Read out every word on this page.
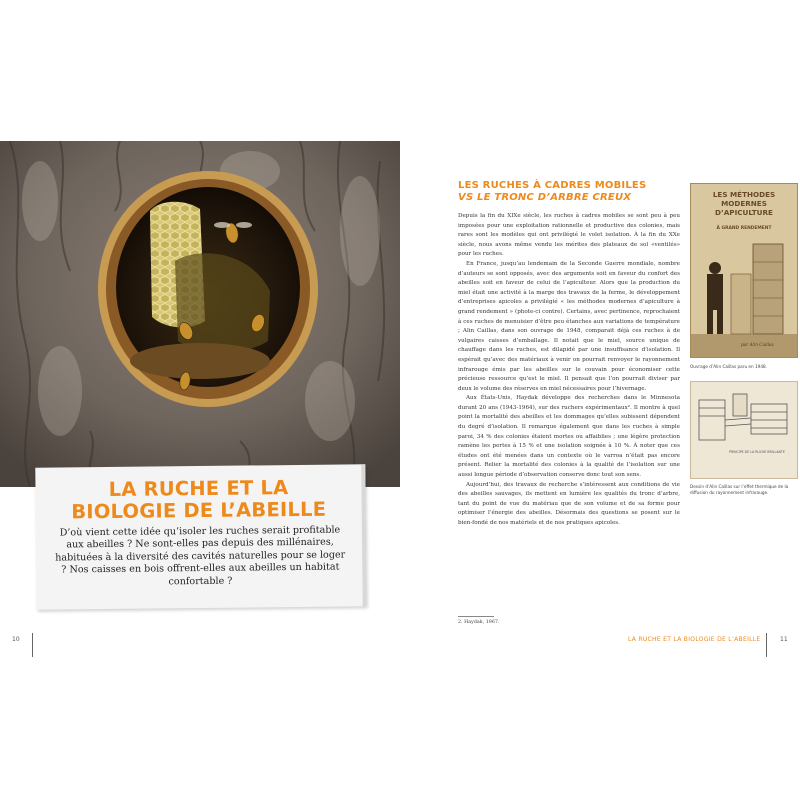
LA RUCHE ET LA
BIOLOGIE DE L’ABEILLE
D’où vient cette idée qu’isoler les ruches serait profitable aux abeilles ? Ne sont-elles pas depuis des millénaires, habituées à la diversité des cavités naturelles pour se loger ? Nos caisses en bois offrent-elles aux abeilles un habitat confortable ?
10
LES RUCHES À CADRES MOBILES
VS LE TRONC D’ARBRE CREUX

Depuis la fin du XIXe siècle, les ruches à cadres mobiles se sont peu à peu imposées pour une exploitation rationnelle et productive des colonies, mais rares sont les modèles qui ont privilégié le volet isolation. À la fin du XXe siècle, nous avons même vendu les mérites des plateaux de sol «ventilés» pour les ruches.

En France, jusqu’au lendemain de la Seconde Guerre mondiale, nombre d’auteurs se sont opposés, avec des arguments soit en faveur du confort des abeilles soit en faveur de celui de l’apiculteur. Alors que la production du miel était une activité à la marge des travaux de la ferme, le développement d’entreprises apicoles a privilégié « les méthodes modernes d’apiculture à grand rendement » (phote-ci contre). Certains, avec pertinence, reprochaient à ces ruches de menuisier d’être peu étanches aux variations de température ; Alin Caillas, dans son ouvrage de 1948, comparait déjà ces ruches à de vulgaires caisses d’emballage. Il notait que le miel, source unique de chauffage dans les ruches, est dilapidé par une insuffisance d’isolation. Il espérait qu’avec des matériaux à venir on pourrait renvoyer le rayonnement infrarouge émis par les abeilles sur le couvain pour économiser cette précieuse ressource qu’est le miel. Il pensait que l’on pourrait diviser par deux le volume des réserves en miel nécessaires pour l’hivernage.

Aux États-Unis, Haydak développe des recherches dans le Minnesota durant 20 ans (1943-1964), sur des ruchers expérimentaux². Il montre à quel point la mortalité des abeilles et les dommages qu’elles subissent dépendent du degré d’isolation. Il remarque également que dans les ruches à simple paroi, 34 % des colonies étaient mortes ou affaiblies ; une légère protection ramène les pertes à 15 % et une isolation soignée à 10 %. À noter que ces études ont été menées dans un contexte où le varroa n’était pas encore présent. Relier la mortalité des colonies à la qualité de l’isolation sur une aussi longue période d’observation conserve donc tout son sens.

Aujourd’hui, des travaux de recherche s’intéressent aux conditions de vie des abeilles sauvages, ils mettent en lumière les qualités du tronc d’arbre, tant du point de vue du matériau que de son volume et de sa forme pour optimiser l’énergie des abeilles. Désormais des questions se posent sur le bien-fondé de nos matériels et de nos pratiques apicoles.

2. Haydak, 1967.
LES MÉTHODES MODERNES D’APICULTURE
À GRAND RENDEMENT
par Alin Caillas
Ouvrage d’Alin Caillas paru en 1948.
PRINCIPE DE LA RUCHE BRILLANTE
Dessin d’Alin Caillas sur l’effet thermique de la diffusion du rayonnement infrarouge.
LA RUCHE ET LA BIOLOGIE DE L’ABEILLE	11
